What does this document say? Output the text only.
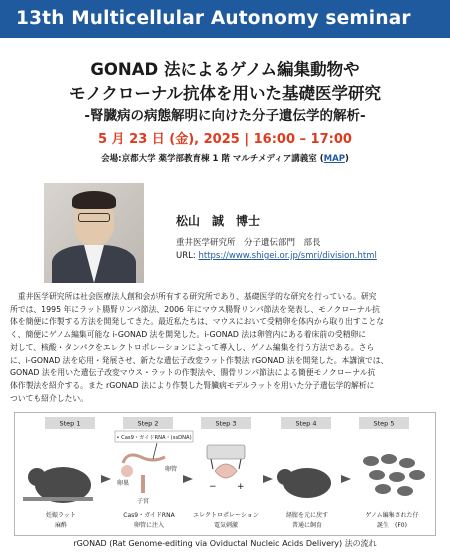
13th Multicellular Autonomy seminar
GONAD 法によるゲノム編集動物や
モノクローナル抗体を用いた基礎医学研究
-腎臓病の病態解明に向けた分子遺伝学的解析-
5 月 23 日 (金), 2025 | 16:00 – 17:00
会場:京都大学 薬学部教育棟 1 階 マルチメディア講義室 (MAP)
松山　誠　博士
重井医学研究所　分子遺伝部門　部長
URL: https://www.shigei.or.jp/smri/division.html
重井医学研究所は社会医療法人創和会が所有する研究所であり、基礎医学的な研究を行っている。研究
所では、1995 年にラット腸腎リンパ節法、2006 年にマウス腸腎リンパ節法を発表し、モノクローナル抗
体を簡便に作製する方法を開発してきた。最近私たちは、マウスにおいて受精卵を体内から取り出すことな
く、簡便にゲノム編集可能な i-GONAD 法を開発した。i-GONAD 法は卵管内にある着床前の受精卵に
対して、核酸・タンパクをエレクトロポレーションによって導入し、ゲノム編集を行う方法である。さら
に、i-GONAD 法を応用・発展させ、新たな遺伝子改変ラット作製法 rGONAD 法を開発した。本講演では、
GONAD 法を用いた遺伝子改変マウス・ラットの作製法や、腸骨リンパ節法による簡便モノクローナル抗
体作製法を紹介する。また rGONAD 法により作製した腎臓病モデルラットを用いた分子遺伝学的解析に
ついても紹介したい。
Step 1	Step 2	Step 3	Step 4	Step 5
• Cas9・ガイドRNA・(ssDNA)
卵巣
卵管
子宮
− +
妊娠ラット
麻酔
Cas9・ガイドRNA
卵管に注入
エレクトロポレーション
電気刺激
経膣を元に戻す
普通に飼育
ゲノム編集された仔
誕生　(F0)
rGONAD (Rat Genome-editing via Oviductal Nucleic Acids Delivery) 法の流れ
